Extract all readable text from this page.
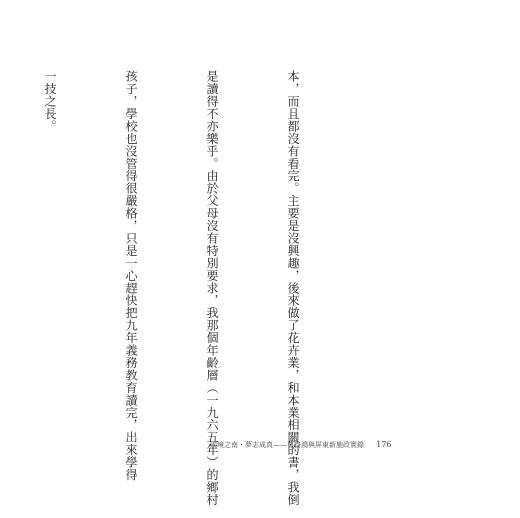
本，而且都沒有看完。主要是沒興趣，後來做了花卉業，和本業相關的書，我倒

是讀得不亦樂乎。由於父母沒有特別要求，我那個年齡層（一九六五年）的鄉村

孩子，學校也沒管得很嚴格，只是一心趕快把九年義務教育讀完，出來學得

一技之長。

國境之南・夢志成真——曹啓鴻與屏東新施政實錄 176
